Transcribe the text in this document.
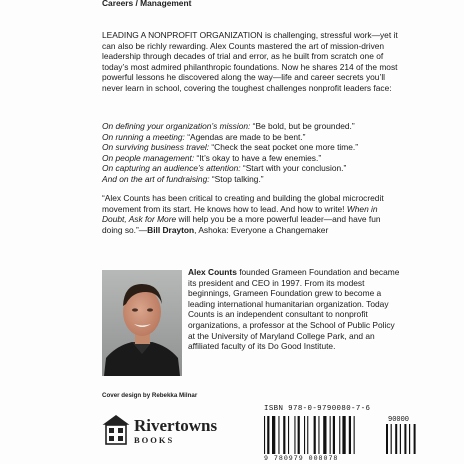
Careers / Management

LEADING A NONPROFIT ORGANIZATION is challenging, stressful work—yet it can also be richly rewarding. Alex Counts mastered the art of mission-driven leadership through decades of trial and error, as he built from scratch one of today’s most admired philanthropic foundations. Now he shares 214 of the most powerful lessons he discovered along the way—life and career secrets you’ll never learn in school, covering the toughest challenges nonprofit leaders face:

On defining your organization’s mission: “Be bold, but be grounded.”
On running a meeting: “Agendas are made to be bent.”
On surviving business travel: “Check the seat pocket one more time.”
On people management: “It’s okay to have a few enemies.”
On capturing an audience’s attention: “Start with your conclusion.”
And on the art of fundraising: “Stop talking.”

“Alex Counts has been critical to creating and building the global microcredit movement from its start. He knows how to lead. And how to write! When in Doubt, Ask for More will help you be a more powerful leader—and have fun doing so.”—Bill Drayton, Ashoka: Everyone a Changemaker

Alex Counts founded Grameen Foundation and became its president and CEO in 1997. From its modest beginnings, Grameen Foundation grew to become a leading international humanitarian organization. Today Counts is an independent consultant to nonprofit organizations, a professor at the School of Public Policy at the University of Maryland College Park, and an affiliated faculty of its Do Good Institute.

Cover design by Rebekka Milnar
Rivertowns
BOOKS
ISBN 978-0-9790080-7-6
90000
9 780979 008078
